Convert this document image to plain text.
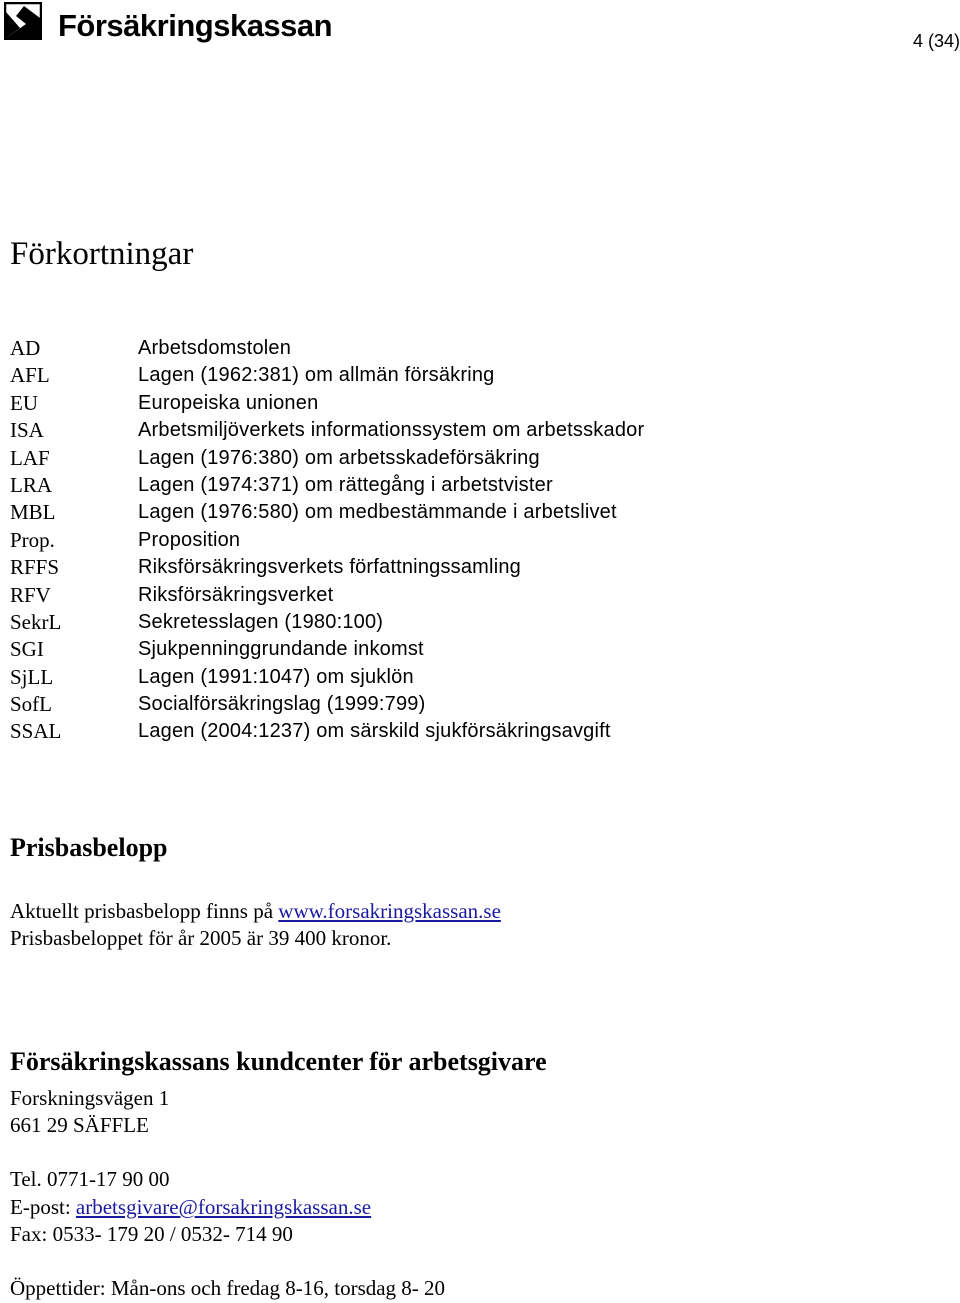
Försäkringskassan	4 (34)
Förkortningar
AD	Arbetsdomstolen
AFL	Lagen (1962:381) om allmän försäkring
EU	Europeiska unionen
ISA	Arbetsmiljöverkets informationssystem om arbetsskador
LAF	Lagen (1976:380) om arbetsskadeförsäkring
LRA	Lagen (1974:371) om rättegång i arbetstvister
MBL	Lagen (1976:580) om medbestämmande i arbetslivet
Prop.	Proposition
RFFS	Riksförsäkringsverkets författningssamling
RFV	Riksförsäkringsverket
SekrL	Sekretesslagen (1980:100)
SGI	Sjukpenninggrundande inkomst
SjLL	Lagen (1991:1047) om sjuklön
SofL	Socialförsäkringslag (1999:799)
SSAL	Lagen (2004:1237) om särskild sjukförsäkringsavgift
Prisbasbelopp
Aktuellt prisbasbelopp finns på www.forsakringskassan.se
Prisbasbeloppet för år 2005 är 39 400 kronor.
Försäkringskassans kundcenter för arbetsgivare
Forskningsvägen 1
661 29 SÄFFLE
Tel. 0771-17 90 00
E-post: arbetsgivare@forsakringskassan.se
Fax: 0533- 179 20 / 0532- 714 90
Öppettider: Mån-ons och fredag 8-16, torsdag 8- 20
